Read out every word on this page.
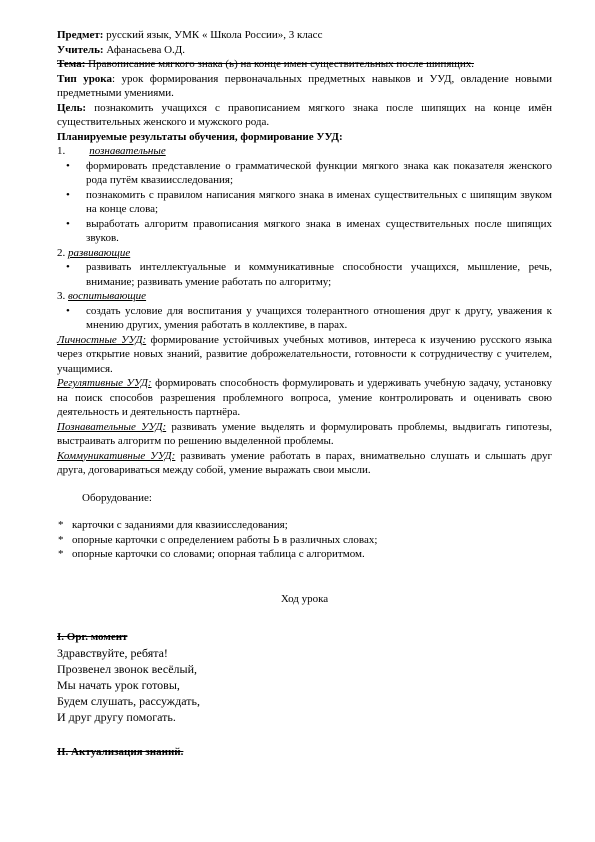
Предмет: русский язык, УМК « Школа России», 3 класс

Учитель: Афанасьева О.Д.

Тема: Правописание мягкого знака (ь) на конце имен существительных после шипящих.

Тип урока: урок формирования первоначальных предметных навыков и УУД, овладение новыми предметными умениями.

Цель: познакомить учащихся с правописанием мягкого знака после шипящих на конце имён существительных женского и мужского рода.

Планируемые результаты обучения, формирование УУД:

1. познавательные

• формировать представление о грамматической функции мягкого знака как показателя женского рода путём квазиисследования;
• познакомить с правилом написания мягкого знака в именах существительных с шипящим звуком на конце слова;
• выработать алгоритм правописания мягкого знака в именах существительных после шипящих звуков.

2. развивающие

• развивать интеллектуальные и коммуникативные способности учащихся, мышление, речь, внимание; развивать умение работать по алгоритму;

3. воспитывающие

• создать условие для воспитания у учащихся толерантного отношения друг к другу, уважения к мнению других, умения работать в коллективе, в парах.

Личностные УУД: формирование устойчивых учебных мотивов, интереса к изучению русского языка через открытие новых знаний, развитие доброжелательности, готовности к сотрудничеству с учителем, учащимися.

Регулятивные УУД: формировать способность формулировать и удерживать учебную задачу, установку на поиск способов разрешения проблемного вопроса, умение контролировать и оценивать свою деятельность и деятельность партнёра.

Познавательные УУД: развивать умение выделять и формулировать проблемы, выдвигать гипотезы, выстраивать алгоритм по решению выделенной проблемы.

Коммуникативные УУД: развивать умение работать в парах, вниматвельно слушать и слышать друг друга, договариваться между собой, умение выражать свои мысли.

Оборудование:

* карточки с заданиями для квазиисследования;
* опорные карточки с определением работы Ь в различных словах;
* опорные карточки со словами; опорная таблица с алгоритмом.

Ход урока

I. Орг. момент

Здравствуйте, ребята!

Прозвенел звонок весёлый,

Мы начать урок готовы,

Будем слушать, рассуждать,

И друг другу помогать.

II. Актуализация знаний.
